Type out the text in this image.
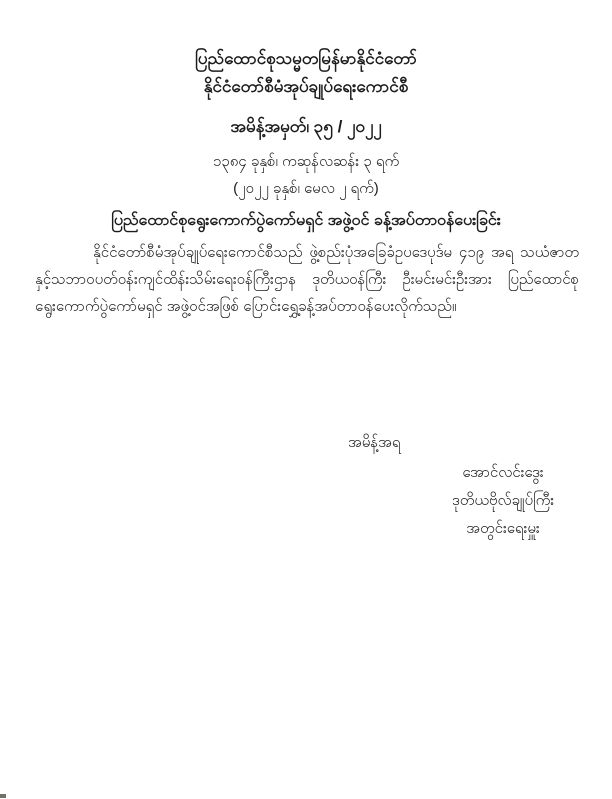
ပြည်ထောင်စုသမ္မတမြန်မာနိုင်ငံတော်
နိုင်ငံတော်စီမံအုပ်ချုပ်ရေးကောင်စီ
အမိန့်အမှတ်၊ ၃၅ / ၂၀၂၂
၁၃၈၄ ခုနှစ်၊ ကဆုန်လဆန်း ၃ ရက်
(၂၀၂၂ ခုနှစ်၊ မေလ ၂ ရက်)
ပြည်ထောင်စုရွေးကောက်ပွဲကော်မရှင် အဖွဲ့ဝင် ခန့်အပ်တာဝန်ပေးခြင်း

နိုင်ငံတော်စီမံအုပ်ချုပ်ရေးကောင်စီသည် ဖွဲ့စည်းပုံအခြေခံဥပဒေပုဒ်မ ၄၁၉ အရ သယံဇာတနှင့်သဘာဝပတ်ဝန်းကျင်ထိန်းသိမ်းရေးဝန်ကြီးဌာန ဒုတိယဝန်ကြီး ဦးမင်းမင်းဦးအား ပြည်ထောင်စုရွေးကောက်ပွဲကော်မရှင် အဖွဲ့ဝင်အဖြစ် ပြောင်းရွှေ့ခန့်အပ်တာဝန်ပေးလိုက်သည်။

အမိန့်အရ
အောင်လင်းဒွေး
ဒုတိယဗိုလ်ချုပ်ကြီး
အတွင်းရေးမှူး
